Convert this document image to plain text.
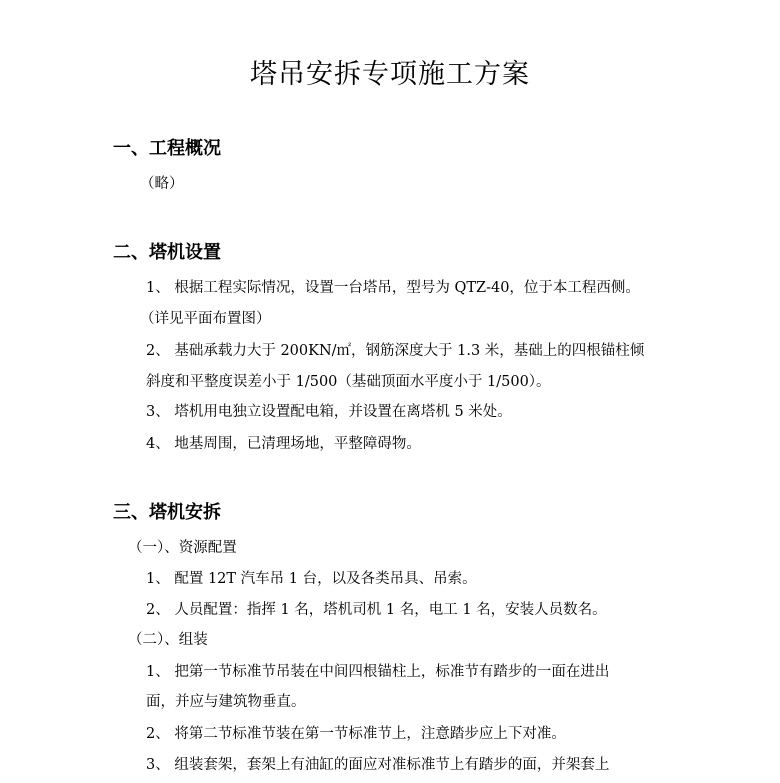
塔吊安拆专项施工方案
一、工程概况
（略）
二、塔机设置
1、 根据工程实际情况，设置一台塔吊，型号为 QTZ-40，位于本工程西侧。
（详见平面布置图）
2、 基础承载力大于 200KN/㎡，钢筋深度大于 1.3 米，基础上的四根锚柱倾
斜度和平整度误差小于 1/500（基础顶面水平度小于 1/500）。
3、 塔机用电独立设置配电箱，并设置在离塔机 5 米处。
4、 地基周围，已清理场地，平整障碍物。
三、塔机安拆
（一）、资源配置
1、 配置 12T 汽车吊 1 台，以及各类吊具、吊索。
2、 人员配置：指挥 1 名，塔机司机 1 名，电工 1 名，安装人员数名。
（二）、组装
1、 把第一节标准节吊装在中间四根锚柱上，标准节有踏步的一面在进出
面，并应与建筑物垂直。
2、 将第二节标准节装在第一节标准节上，注意踏步应上下对准。
3、 组装套架，套架上有油缸的面应对准标准节上有踏步的面，并架套上
